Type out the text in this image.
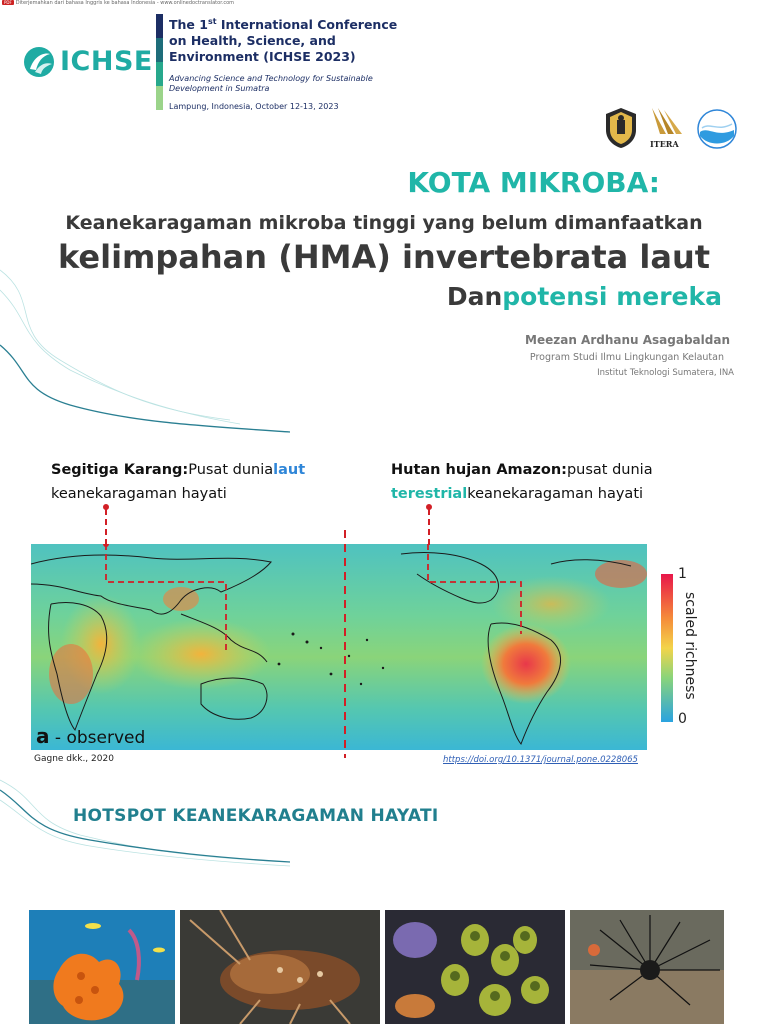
PDF Diterjemahkan dari bahasa Inggris ke bahasa Indonesia - www.onlinedoctranslator.com
ICHSE
The 1st International Conference on Health, Science, and Environment (ICHSE 2023)
Advancing Science and Technology for Sustainable Development in Sumatra
Lampung, Indonesia, October 12-13, 2023
ITERA
KOTA MIKROBA:
Keanekaragaman mikroba tinggi yang belum dimanfaatkan
kelimpahan (HMA) invertebrata laut
Danpotensi mereka
Meezan Ardhanu Asagabaldan
Program Studi Ilmu Lingkungan Kelautan
Institut Teknologi Sumatera, INA
Segitiga Karang:Pusat dunialaut
keanekaragaman hayati
Hutan hujan Amazon:pusat dunia
terestrialkeanekaragaman hayati
a - observed
1
0
scaled richness
Gagne dkk., 2020	https://doi.org/10.1371/journal.pone.0228065
HOTSPOT KEANEKARAGAMAN HAYATI
